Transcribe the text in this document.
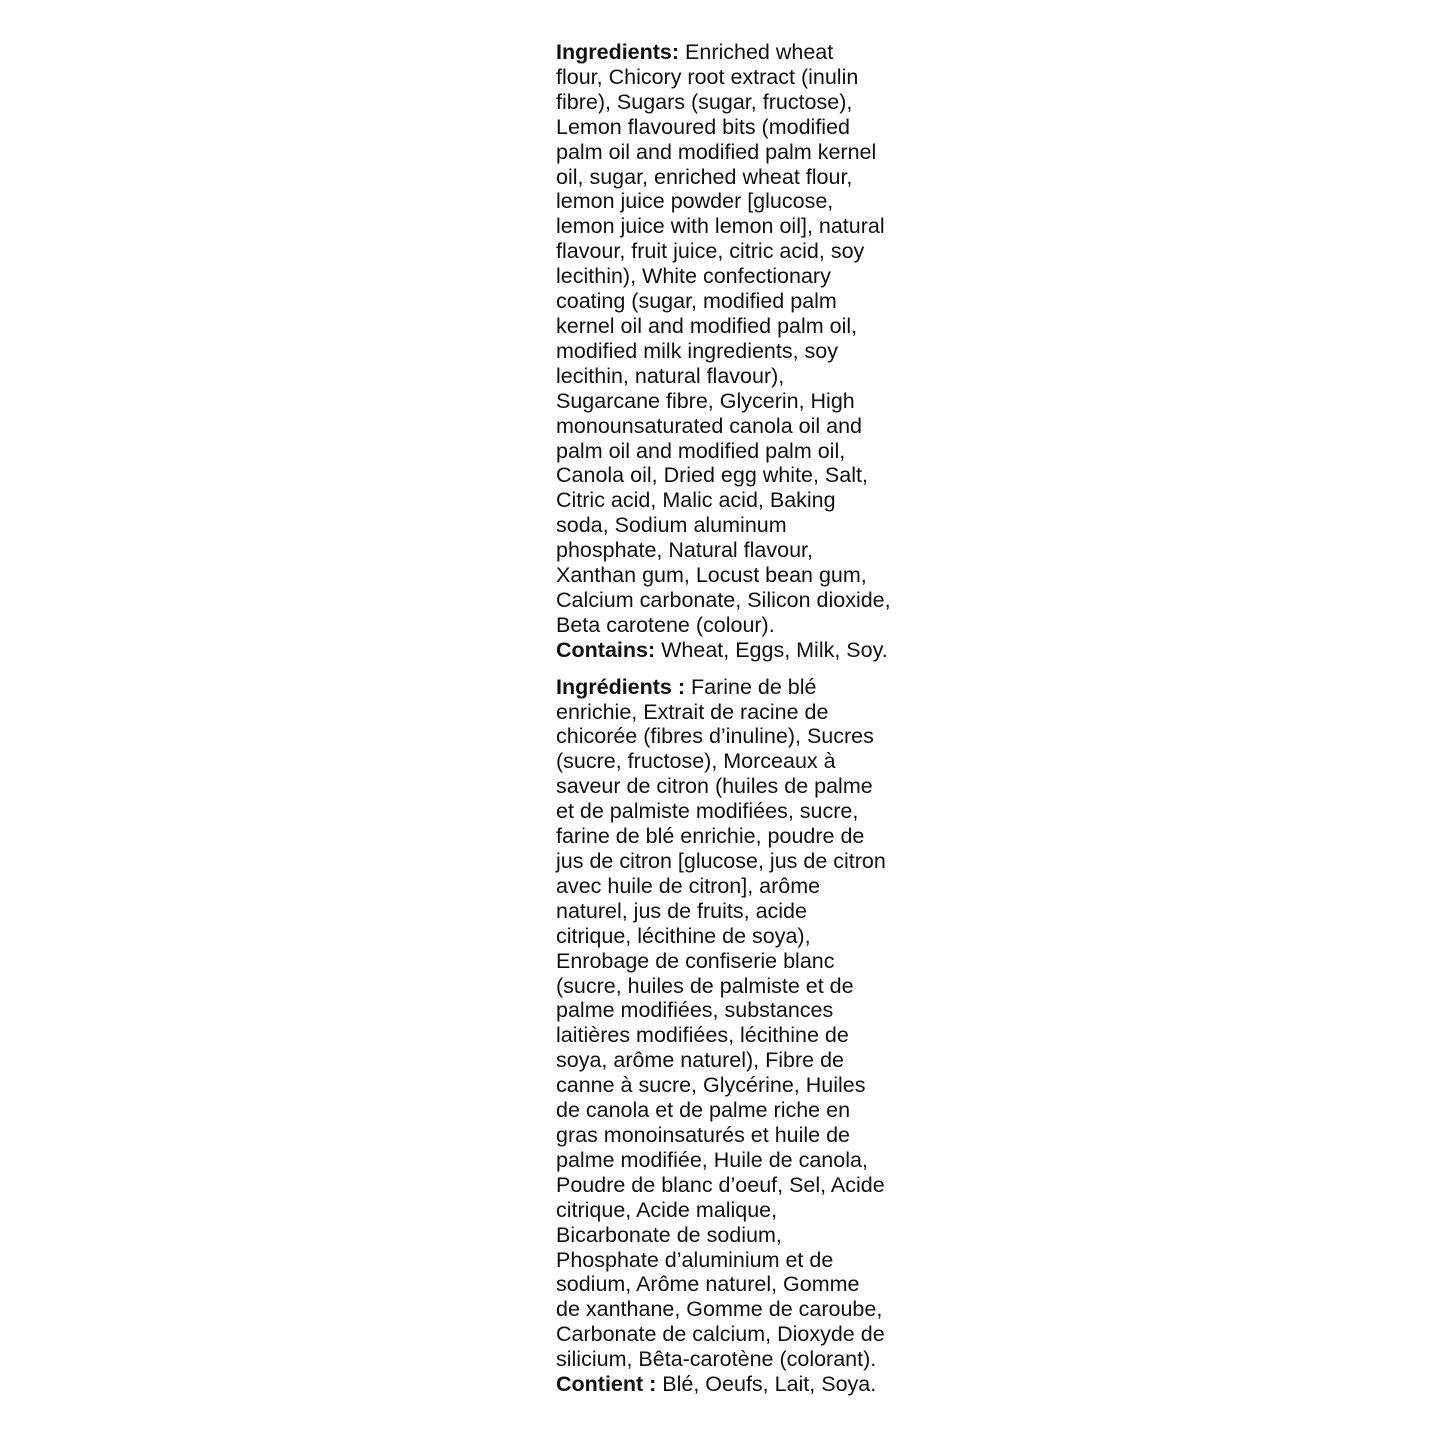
Ingredients: Enriched wheat
flour, Chicory root extract (inulin
fibre), Sugars (sugar, fructose),
Lemon flavoured bits (modified
palm oil and modified palm kernel
oil, sugar, enriched wheat flour,
lemon juice powder [glucose,
lemon juice with lemon oil], natural
flavour, fruit juice, citric acid, soy
lecithin), White confectionary
coating (sugar, modified palm
kernel oil and modified palm oil,
modified milk ingredients, soy
lecithin, natural flavour),
Sugarcane fibre, Glycerin, High
monounsaturated canola oil and
palm oil and modified palm oil,
Canola oil, Dried egg white, Salt,
Citric acid, Malic acid, Baking
soda, Sodium aluminum
phosphate, Natural flavour,
Xanthan gum, Locust bean gum,
Calcium carbonate, Silicon dioxide,
Beta carotene (colour).
Contains: Wheat, Eggs, Milk, Soy.
Ingrédients : Farine de blé
enrichie, Extrait de racine de
chicorée (fibres d’inuline), Sucres
(sucre, fructose), Morceaux à
saveur de citron (huiles de palme
et de palmiste modifiées, sucre,
farine de blé enrichie, poudre de
jus de citron [glucose, jus de citron
avec huile de citron], arôme
naturel, jus de fruits, acide
citrique, lécithine de soya),
Enrobage de confiserie blanc
(sucre, huiles de palmiste et de
palme modifiées, substances
laitières modifiées, lécithine de
soya, arôme naturel), Fibre de
canne à sucre, Glycérine, Huiles
de canola et de palme riche en
gras monoinsaturés et huile de
palme modifiée, Huile de canola,
Poudre de blanc d’oeuf, Sel, Acide
citrique, Acide malique,
Bicarbonate de sodium,
Phosphate d’aluminium et de
sodium, Arôme naturel, Gomme
de xanthane, Gomme de caroube,
Carbonate de calcium, Dioxyde de
silicium, Bêta-carotène (colorant).
Contient : Blé, Oeufs, Lait, Soya.
